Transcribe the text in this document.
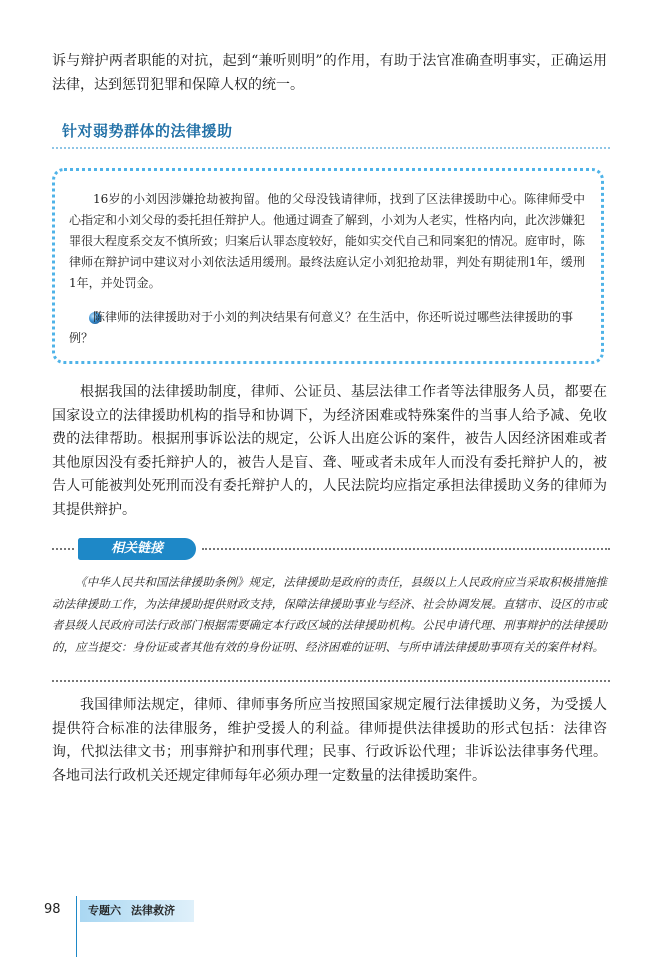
诉与辩护两者职能的对抗，起到“兼听则明”的作用，有助于法官准确查明事实，正确运用法律，达到惩罚犯罪和保障人权的统一。

针对弱势群体的法律援助

16岁的小刘因涉嫌抢劫被拘留。他的父母没钱请律师，找到了区法律援助中心。陈律师受中心指定和小刘父母的委托担任辩护人。他通过调查了解到，小刘为人老实，性格内向，此次涉嫌犯罪很大程度系交友不慎所致；归案后认罪态度较好，能如实交代自己和同案犯的情况。庭审时，陈律师在辩护词中建议对小刘依法适用缓刑。最终法庭认定小刘犯抢劫罪，判处有期徒刑1年，缓刑1年，并处罚金。

陈律师的法律援助对于小刘的判决结果有何意义？在生活中，你还听说过哪些法律援助的事例？

根据我国的法律援助制度，律师、公证员、基层法律工作者等法律服务人员，都要在国家设立的法律援助机构的指导和协调下，为经济困难或特殊案件的当事人给予减、免收费的法律帮助。根据刑事诉讼法的规定，公诉人出庭公诉的案件，被告人因经济困难或者其他原因没有委托辩护人的，被告人是盲、聋、哑或者未成年人而没有委托辩护人的，被告人可能被判处死刑而没有委托辩护人的，人民法院均应指定承担法律援助义务的律师为其提供辩护。

相关链接

《中华人民共和国法律援助条例》规定，法律援助是政府的责任，县级以上人民政府应当采取积极措施推动法律援助工作，为法律援助提供财政支持，保障法律援助事业与经济、社会协调发展。直辖市、设区的市或者县级人民政府司法行政部门根据需要确定本行政区域的法律援助机构。公民申请代理、刑事辩护的法律援助的，应当提交：身份证或者其他有效的身份证明、经济困难的证明、与所申请法律援助事项有关的案件材料。

我国律师法规定，律师、律师事务所应当按照国家规定履行法律援助义务，为受援人提供符合标准的法律服务，维护受援人的利益。律师提供法律援助的形式包括：法律咨询，代拟法律文书；刑事辩护和刑事代理；民事、行政诉讼代理；非诉讼法律事务代理。各地司法行政机关还规定律师每年必须办理一定数量的法律援助案件。

98	专题六 法律救济
